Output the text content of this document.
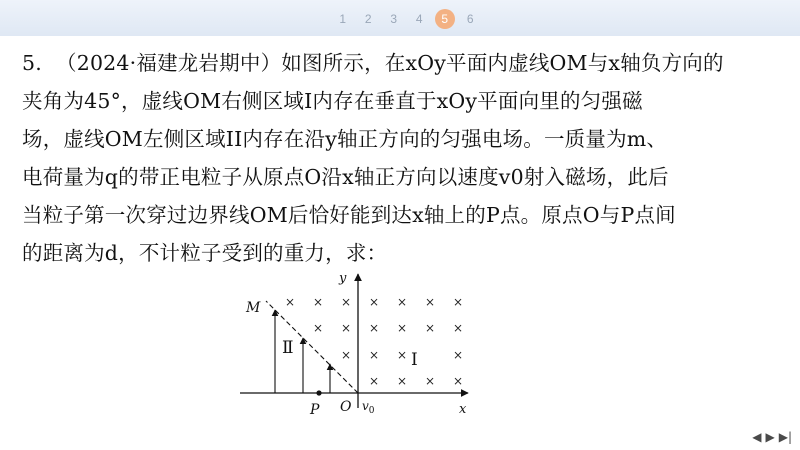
1	2	3	4	5	6
5. （2024·福建龙岩期中）如图所示，在xOy平面内虚线OM与x轴负方向的
夹角为45°，虚线OM右侧区域I内存在垂直于xOy平面向里的匀强磁
场，虚线OM左侧区域II内存在沿y轴正方向的匀强电场。一质量为m、
电荷量为q的带正电粒子从原点O沿x轴正方向以速度v0射入磁场，此后
当粒子第一次穿过边界线OM后恰好能到达x轴上的P点。原点O与P点间
的距离为d，不计粒子受到的重力，求：
y
x
M
O
P	$v_0$
Ⅱ
I
× × × × × × ×
× × × × × ×
× × ×	×
× × × ×
◀ ▶ ▶|
